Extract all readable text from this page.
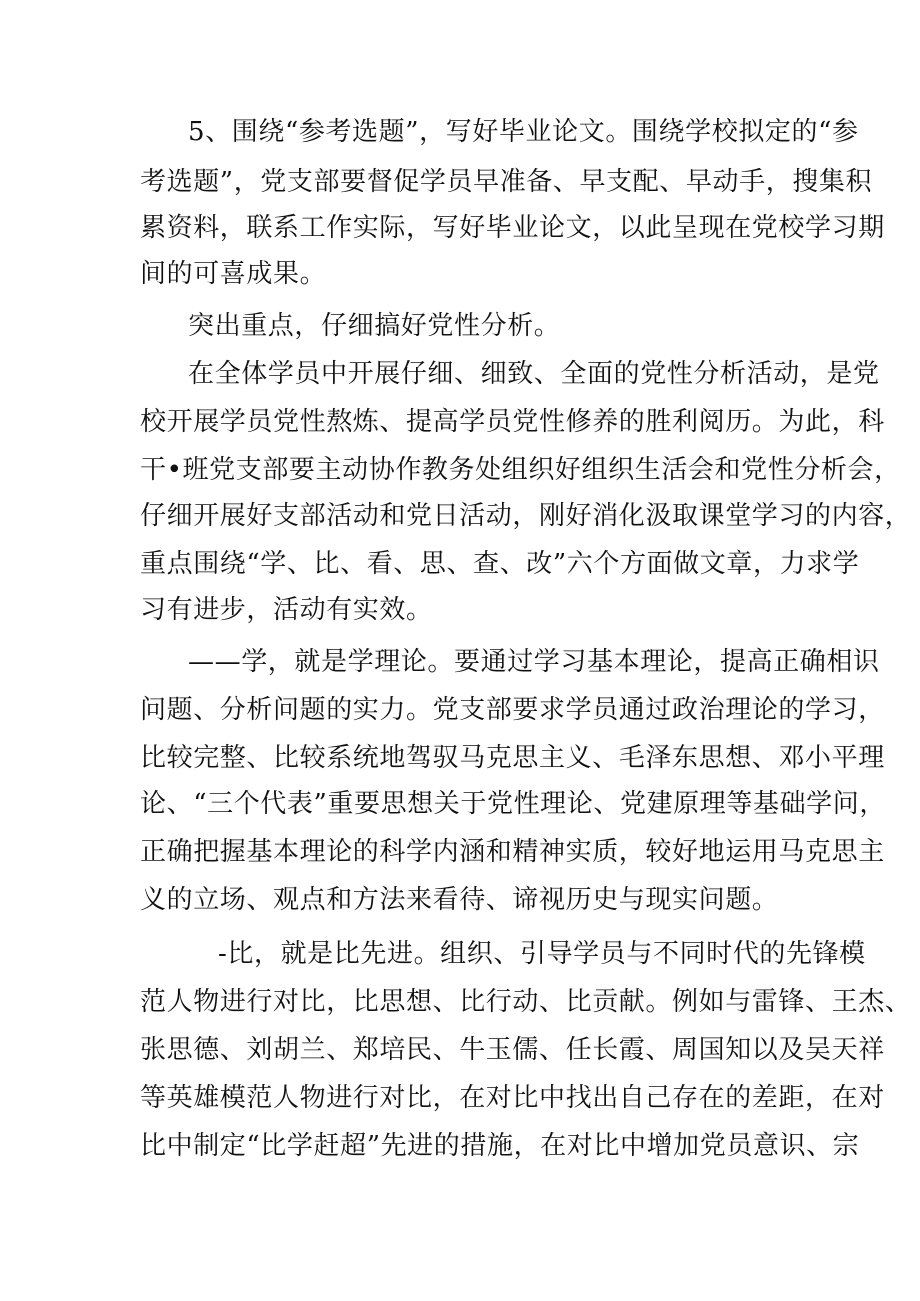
5、围绕“参考选题”，写好毕业论文。围绕学校拟定的“参
考选题”，党支部要督促学员早准备、早支配、早动手，搜集积
累资料，联系工作实际，写好毕业论文，以此呈现在党校学习期
间的可喜成果。
突出重点，仔细搞好党性分析。
在全体学员中开展仔细、细致、全面的党性分析活动，是党
校开展学员党性熬炼、提高学员党性修养的胜利阅历。为此，科
干•班党支部要主动协作教务处组织好组织生活会和党性分析会，
仔细开展好支部活动和党日活动，刚好消化汲取课堂学习的内容，
重点围绕“学、比、看、思、查、改”六个方面做文章，力求学
习有进步，活动有实效。
——学，就是学理论。要通过学习基本理论，提高正确相识
问题、分析问题的实力。党支部要求学员通过政治理论的学习，
比较完整、比较系统地驾驭马克思主义、毛泽东思想、邓小平理
论、“三个代表”重要思想关于党性理论、党建原理等基础学问，
正确把握基本理论的科学内涵和精神实质，较好地运用马克思主
义的立场、观点和方法来看待、谛视历史与现实问题。
-比，就是比先进。组织、引导学员与不同时代的先锋模
范人物进行对比，比思想、比行动、比贡献。例如与雷锋、王杰、
张思德、刘胡兰、郑培民、牛玉儒、任长霞、周国知以及吴天祥
等英雄模范人物进行对比，在对比中找出自己存在的差距，在对
比中制定“比学赶超”先进的措施，在对比中增加党员意识、宗
